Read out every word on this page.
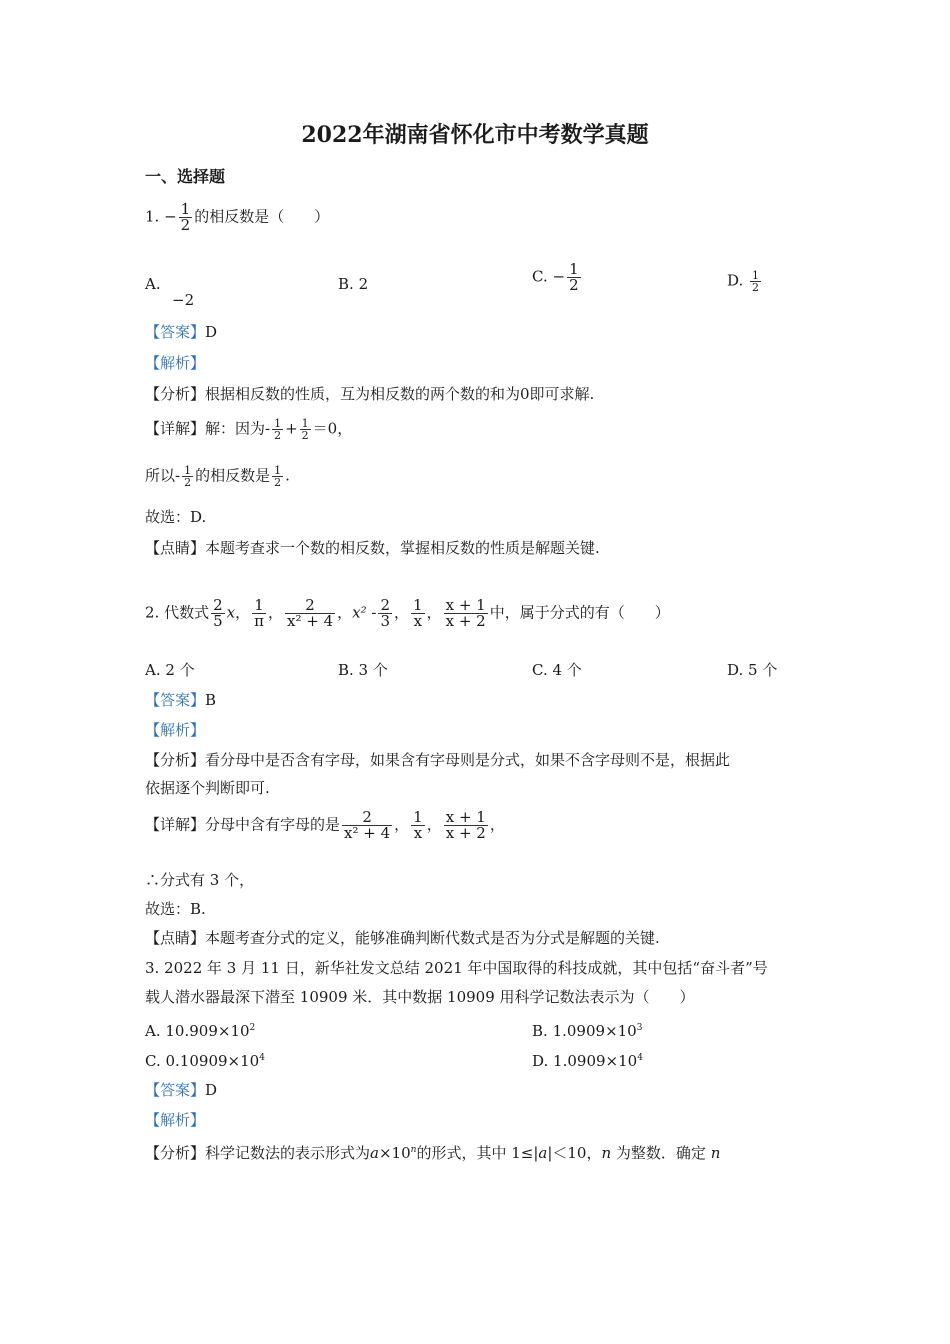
2022年湖南省怀化市中考数学真题
一、选择题
1. − $\frac{1}{2}$ 的相反数是（　　）
A.
−2
B. 2	C. − $\frac{1}{2}$	D. $\frac{1}{2}$
【答案】D
【解析】
【分析】根据相反数的性质，互为相反数的两个数的和为0即可求解.
【详解】解：因为- $\frac{1}{2} + \frac{1}{2} =0$，
所以- $\frac{1}{2}$ 的相反数是 $\frac{1}{2}$ .
故选：D.
【点睛】本题考查求一个数的相反数，掌握相反数的性质是解题关键.
2. 代数式 $\frac{2}{5}$ x， $\frac{1}{\pi}$ ， $\frac{2}{\text{x² + 4}}$ ，$x^2 - \frac{2}{3}$ ， $\frac{1}{x}$ ， $\frac{x + 1}{x + 2}$ 中，属于分式的有（　　）
A. 2 个	B. 3 个	C. 4 个	D. 5 个
【答案】B
【解析】
【分析】看分母中是否含有字母，如果含有字母则是分式，如果不含字母则不是，根据此
依据逐个判断即可.
【详解】分母中含有字母的是 $\frac{2}{\text{x² + 4}}$ ， $\frac{1}{x}$ ， $\frac{x + 1}{x + 2}$ ，
∴分式有 3 个，
故选：B.
【点睛】本题考查分式的定义，能够准确判断代数式是否为分式是解题的关键.
3. 2022 年 3 月 11 日，新华社发文总结 2021 年中国取得的科技成就，其中包括“奋斗者”号
载人潜水器最深下潜至 10909 米．其中数据 10909 用科学记数法表示为（　　）
A. $10.909\times 10^2$	B. $1.0909\times 10^3$
C. $0.10909\times 10^4$	D. $1.0909\times 10^4$
【答案】D
【解析】
【分析】科学记数法的表示形式为$a\times 10^n$的形式，其中 1≤|a|＜10，n 为整数．确定 n
